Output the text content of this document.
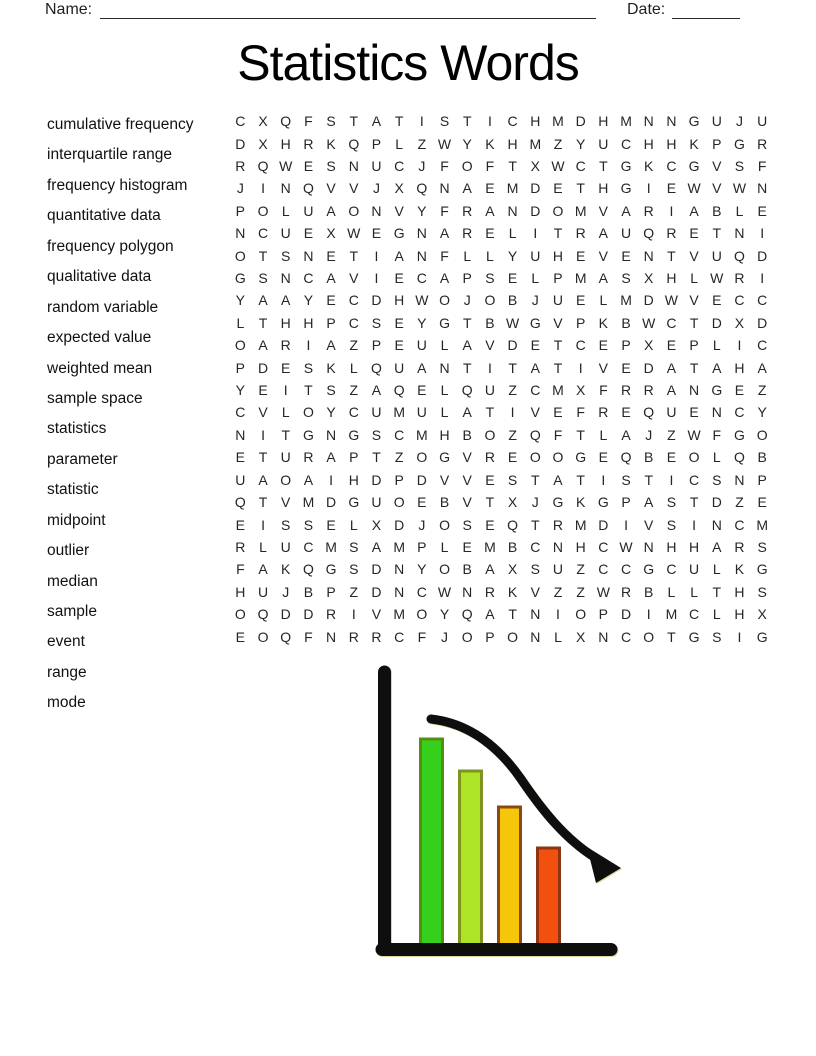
Name:	Date:
Statistics Words
cumulative frequency
interquartile range
frequency histogram
quantitative data
frequency polygon
qualitative data
random variable
expected value
weighted mean
sample space
statistics
parameter
statistic
midpoint
outlier
median
sample
event
range
mode
C X Q F S T A T	I	S T	I	C H M D H M N N G U	J	U
D X H R K Q P	L	Z W Y K H M Z Y U C H H K P G R
R Q W E S N U C	J	F O F	T X W C T G K C G V S F
J	I	N Q V V	J	X Q N A E M D E T H G	I	E W V W N
P O L U A O N V Y F R A N D O M V A R	I	A B	L	E
N C U E X W E G N A R E	L	I	T R A U Q R E T N	I
O T S N E T	I	A N F	L	L	Y U H E V E N T V U Q D
G S N C A V	I	E C A P S E	L	P M A S X H L W R	I
Y A A Y E C D H W O J O B	J	U E	L M D W V E C C
L	T H H P C S E Y G T B W G V P K B W C T D X D
O A R	I	A Z P E U L	A V D E T C E P X E P	L	I	C
P D E S K	L Q U A N T	I	T A T	I	V E D A T A H A
Y E	I	T S Z A Q E	L Q U Z C M X F R R A N G E Z
C V	L O Y C U M U L	A T	I	V E F R E Q U E N C Y
N	I	T G N G S C M H B O Z Q F	T	L	A	J	Z W F G O
E T U R A P T	Z O G V R E O O G E Q B E O L Q B
U A O A	I	H D P D V V E S T A T	I	S T	I	C S N P
Q T V M D G U O E B V T X	J G K G P A S T D Z E
E	I	S S E	L	X D	J O S E Q T R M D	I	V S	I	N C M
R L U C M S A M P	L	E M B C N H C W N H H A R S
F A K Q G S D N Y O B A X S U Z C C G C U L	K G
H U	J	B P Z D N C W N R K V Z	Z W R B	L	L	T H S
O Q D D R	I	V M O Y Q A T N	I	O P D	I	M C L H X
E O Q F N R R C F	J O P O N L	X N C O T G S	I	G
